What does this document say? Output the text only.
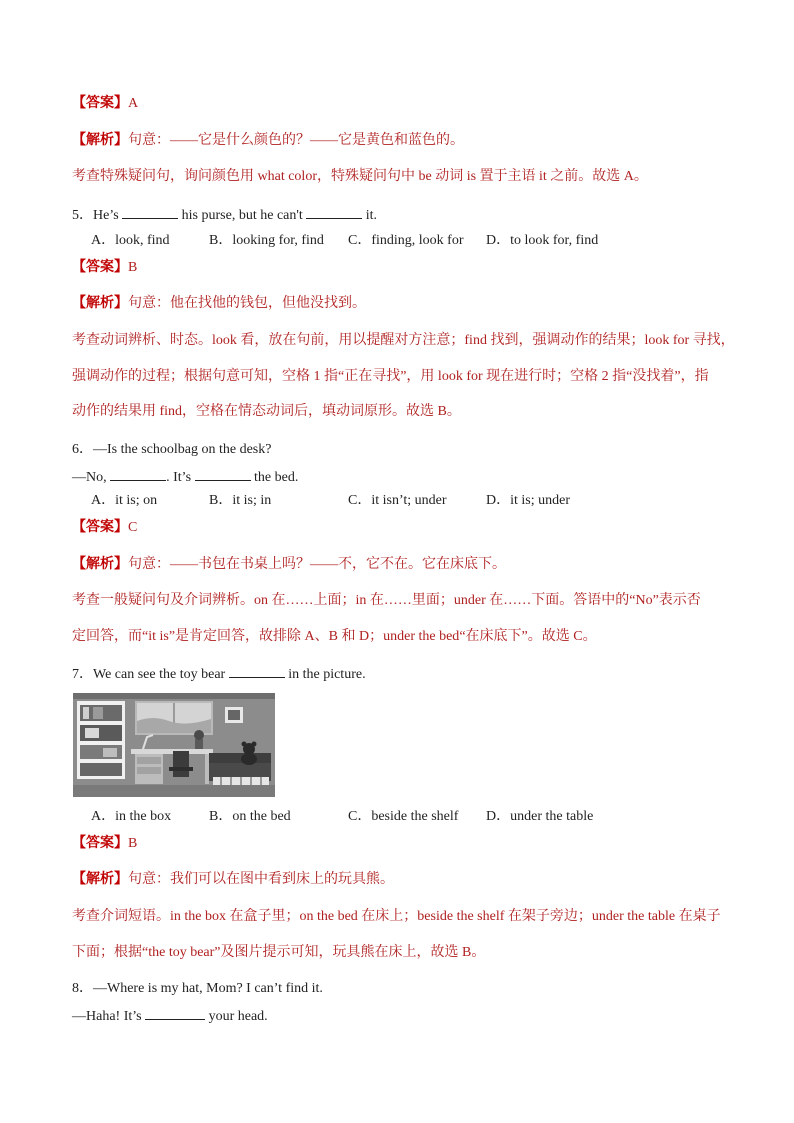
【答案】A
【解析】句意：——它是什么颜色的？——它是黄色和蓝色的。
考查特殊疑问句，询问颜色用 what color，特殊疑问句中 be 动词 is 置于主语 it 之前。故选 A。
5．He’s	his purse, but he can't	it.
A．look, find	B．looking for, find C．finding, look for D．to look for, find
【答案】B
【解析】句意：他在找他的钱包，但他没找到。
考查动词辨析、时态。look 看，放在句前，用以提醒对方注意；find 找到，强调动作的结果；look for 寻找，
强调动作的过程；根据句意可知，空格 1 指“正在寻找”，用 look for 现在进行时；空格 2 指“没找着”，指
动作的结果用 find，空格在情态动词后，填动词原形。故选 B。
6．—Is the schoolbag on the desk?
—No,	. It’s	the bed.
A．it is; on	B．it is; in	C．it isn’t; under	D．it is; under
【答案】C
【解析】句意：——书包在书桌上吗？——不，它不在。它在床底下。
考查一般疑问句及介词辨析。on 在……上面；in 在……里面；under 在……下面。答语中的“No”表示否
定回答，而“it is”是肯定回答，故排除 A、B 和 D；under the bed“在床底下”。故选 C。
7．We can see the toy bear	in the picture.
A．in the box	B．on the bed	C．beside the shelf D．under the table
【答案】B
【解析】句意：我们可以在图中看到床上的玩具熊。
考查介词短语。in the box 在盒子里；on the bed 在床上；beside the shelf 在架子旁边；under the table 在桌子
下面；根据“the toy bear”及图片提示可知，玩具熊在床上，故选 B。
8．—Where is my hat, Mom? I can’t find it.
—Haha! It’s	your head.
